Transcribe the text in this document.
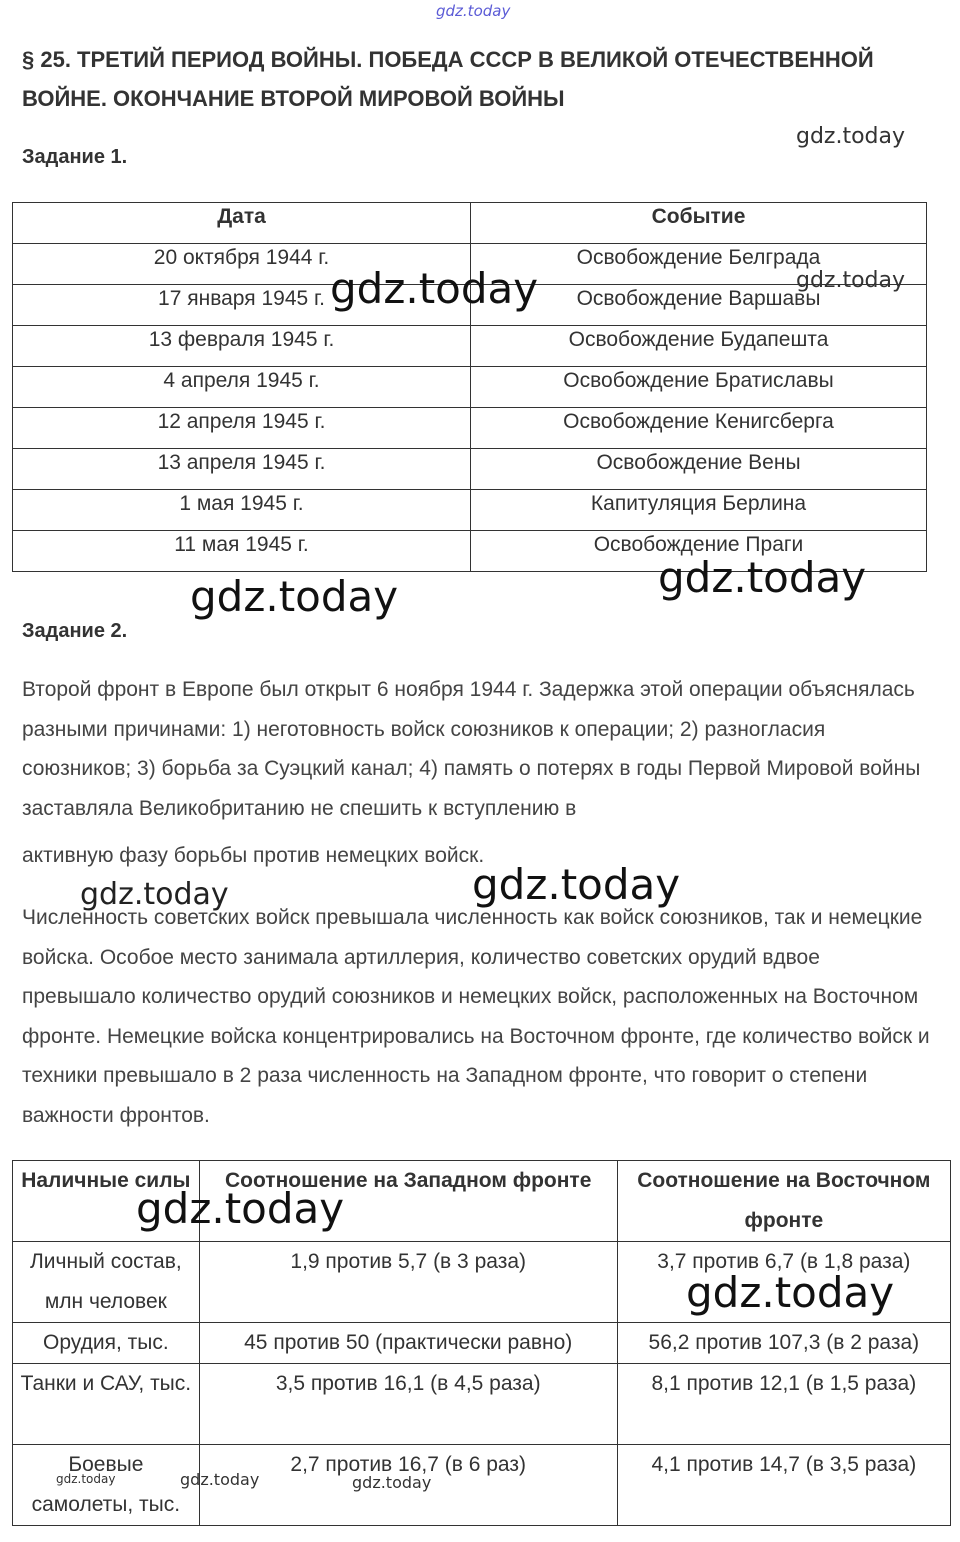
gdz.today
§ 25. ТРЕТИЙ ПЕРИОД ВОЙНЫ. ПОБЕДА СССР В ВЕЛИКОЙ ОТЕЧЕСТВЕННОЙ ВОЙНЕ. ОКОНЧАНИЕ ВТОРОЙ МИРОВОЙ ВОЙНЫ
gdz.today
Задание 1.
Дата	Событие
20 октября 1944 г.	Освобождение Белграда
17 января 1945 г.	Освобождение Варшавы
13 февраля 1945 г.	Освобождение Будапешта
4 апреля 1945 г.	Освобождение Братиславы
12 апреля 1945 г.	Освобождение Кенигсберга
13 апреля 1945 г.	Освобождение Вены
1 мая 1945 г.	Капитуляция Берлина
11 мая 1945 г.	Освобождение Праги
gdz.today	gdz.today
gdz.today
gdz.today
Задание 2.
Второй фронт в Европе был открыт 6 ноября 1944 г. Задержка этой операции объяснялась разными причинами: 1) неготовность войск союзников к операции; 2) разногласия союзников; 3) борьба за Суэцкий канал; 4) память о потерях в годы Первой Мировой войны заставляла Великобританию не спешить к вступлению в
активную фазу борьбы против немецких войск.
gdz.today
gdz.today
Численность советских войск превышала численность как войск союзников, так и немецкие войска. Особое место занимала артиллерия, количество советских орудий вдвое превышало количество орудий союзников и немецких войск, расположенных на Восточном фронте. Немецкие войска концентрировались на Восточном фронте, где количество войск и техники превышало в 2 раза численность на Западном фронте, что говорит о степени важности фронтов.
Наличные силы	Соотношение на Западном фронте	Соотношение на Восточном фронте
Личный состав, млн человек	1,9 против 5,7 (в 3 раза)	3,7 против 6,7 (в 1,8 раза)
Орудия, тыс.	45 против 50 (практически равно)	56,2 против 107,3 (в 2 раза)
Танки и САУ, тыс.	3,5 против 16,1 (в 4,5 раза)	8,1 против 12,1 (в 1,5 раза)
Боевые самолеты, тыс.	2,7 против 16,7 (в 6 раз)	4,1 против 14,7 (в 3,5 раза)
gdz.today
gdz.today
gdz.today	gdz.today	gdz.today
